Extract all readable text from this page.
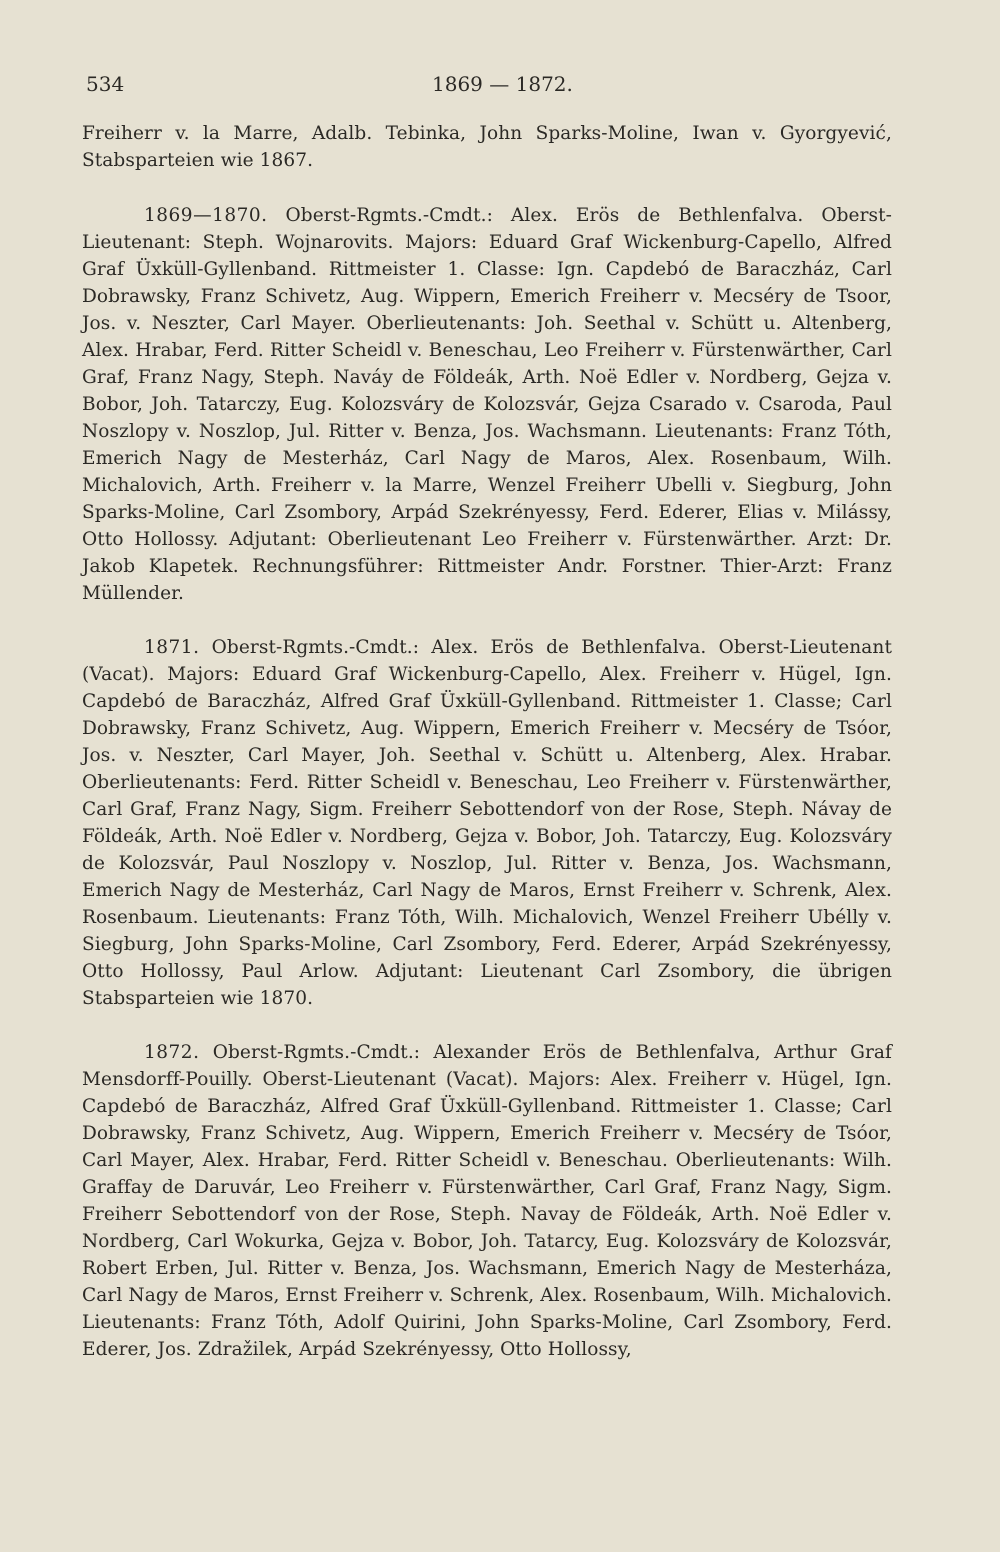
534	1869 — 1872.

Freiherr v. la Marre, Adalb. Tebinka, John Sparks-Moline, Iwan v. Gyorgyević, Stabsparteien wie 1867.

1869—1870. Oberst-Rgmts.-Cmdt.: Alex. Erös de Bethlenfalva. Oberst-Lieutenant: Steph. Wojnarovits. Majors: Eduard Graf Wickenburg-Capello, Alfred Graf Üxküll-Gyllenband. Rittmeister 1. Classe: Ign. Capdebó de Baraczház, Carl Dobrawsky, Franz Schivetz, Aug. Wippern, Emerich Freiherr v. Mecséry de Tsoor, Jos. v. Neszter, Carl Mayer. Oberlieutenants: Joh. Seethal v. Schütt u. Altenberg, Alex. Hrabar, Ferd. Ritter Scheidl v. Beneschau, Leo Freiherr v. Fürstenwärther, Carl Graf, Franz Nagy, Steph. Naváy de Földeák, Arth. Noë Edler v. Nordberg, Gejza v. Bobor, Joh. Tatarczy, Eug. Kolozsváry de Kolozsvár, Gejza Csarado v. Csaroda, Paul Noszlopy v. Noszlop, Jul. Ritter v. Benza, Jos. Wachsmann. Lieutenants: Franz Tóth, Emerich Nagy de Mesterház, Carl Nagy de Maros, Alex. Rosenbaum, Wilh. Michalovich, Arth. Freiherr v. la Marre, Wenzel Freiherr Ubelli v. Siegburg, John Sparks-Moline, Carl Zsombory, Arpád Szekrényessy, Ferd. Ederer, Elias v. Milássy, Otto Hollossy. Adjutant: Oberlieutenant Leo Freiherr v. Fürstenwärther. Arzt: Dr. Jakob Klapetek. Rechnungsführer: Rittmeister Andr. Forstner. Thier-Arzt: Franz Müllender.

1871. Oberst-Rgmts.-Cmdt.: Alex. Erös de Bethlenfalva. Oberst-Lieutenant (Vacat). Majors: Eduard Graf Wickenburg-Capello, Alex. Freiherr v. Hügel, Ign. Capdebó de Baraczház, Alfred Graf Üxküll-Gyllenband. Rittmeister 1. Classe; Carl Dobrawsky, Franz Schivetz, Aug. Wippern, Emerich Freiherr v. Mecséry de Tsóor, Jos. v. Neszter, Carl Mayer, Joh. Seethal v. Schütt u. Altenberg, Alex. Hrabar. Oberlieutenants: Ferd. Ritter Scheidl v. Beneschau, Leo Freiherr v. Fürstenwärther, Carl Graf, Franz Nagy, Sigm. Freiherr Sebottendorf von der Rose, Steph. Návay de Földeák, Arth. Noë Edler v. Nordberg, Gejza v. Bobor, Joh. Tatarczy, Eug. Kolozsváry de Kolozsvár, Paul Noszlopy v. Noszlop, Jul. Ritter v. Benza, Jos. Wachsmann, Emerich Nagy de Mesterház, Carl Nagy de Maros, Ernst Freiherr v. Schrenk, Alex. Rosenbaum. Lieutenants: Franz Tóth, Wilh. Michalovich, Wenzel Freiherr Ubélly v. Siegburg, John Sparks-Moline, Carl Zsombory, Ferd. Ederer, Arpád Szekrényessy, Otto Hollossy, Paul Arlow. Adjutant: Lieutenant Carl Zsombory, die übrigen Stabsparteien wie 1870.

1872. Oberst-Rgmts.-Cmdt.: Alexander Erös de Bethlenfalva, Arthur Graf Mensdorff-Pouilly. Oberst-Lieutenant (Vacat). Majors: Alex. Freiherr v. Hügel, Ign. Capdebó de Baraczház, Alfred Graf Üxküll-Gyllenband. Rittmeister 1. Classe; Carl Dobrawsky, Franz Schivetz, Aug. Wippern, Emerich Freiherr v. Mecséry de Tsóor, Carl Mayer, Alex. Hrabar, Ferd. Ritter Scheidl v. Beneschau. Oberlieutenants: Wilh. Graffay de Daruvár, Leo Freiherr v. Fürstenwärther, Carl Graf, Franz Nagy, Sigm. Freiherr Sebottendorf von der Rose, Steph. Navay de Földeák, Arth. Noë Edler v. Nordberg, Carl Wokurka, Gejza v. Bobor, Joh. Tatarcy, Eug. Kolozsváry de Kolozsvár, Robert Erben, Jul. Ritter v. Benza, Jos. Wachsmann, Emerich Nagy de Mesterháza, Carl Nagy de Maros, Ernst Freiherr v. Schrenk, Alex. Rosenbaum, Wilh. Michalovich. Lieutenants: Franz Tóth, Adolf Quirini, John Sparks-Moline, Carl Zsombory, Ferd. Ederer, Jos. Zdražilek, Arpád Szekrényessy, Otto Hollossy,
